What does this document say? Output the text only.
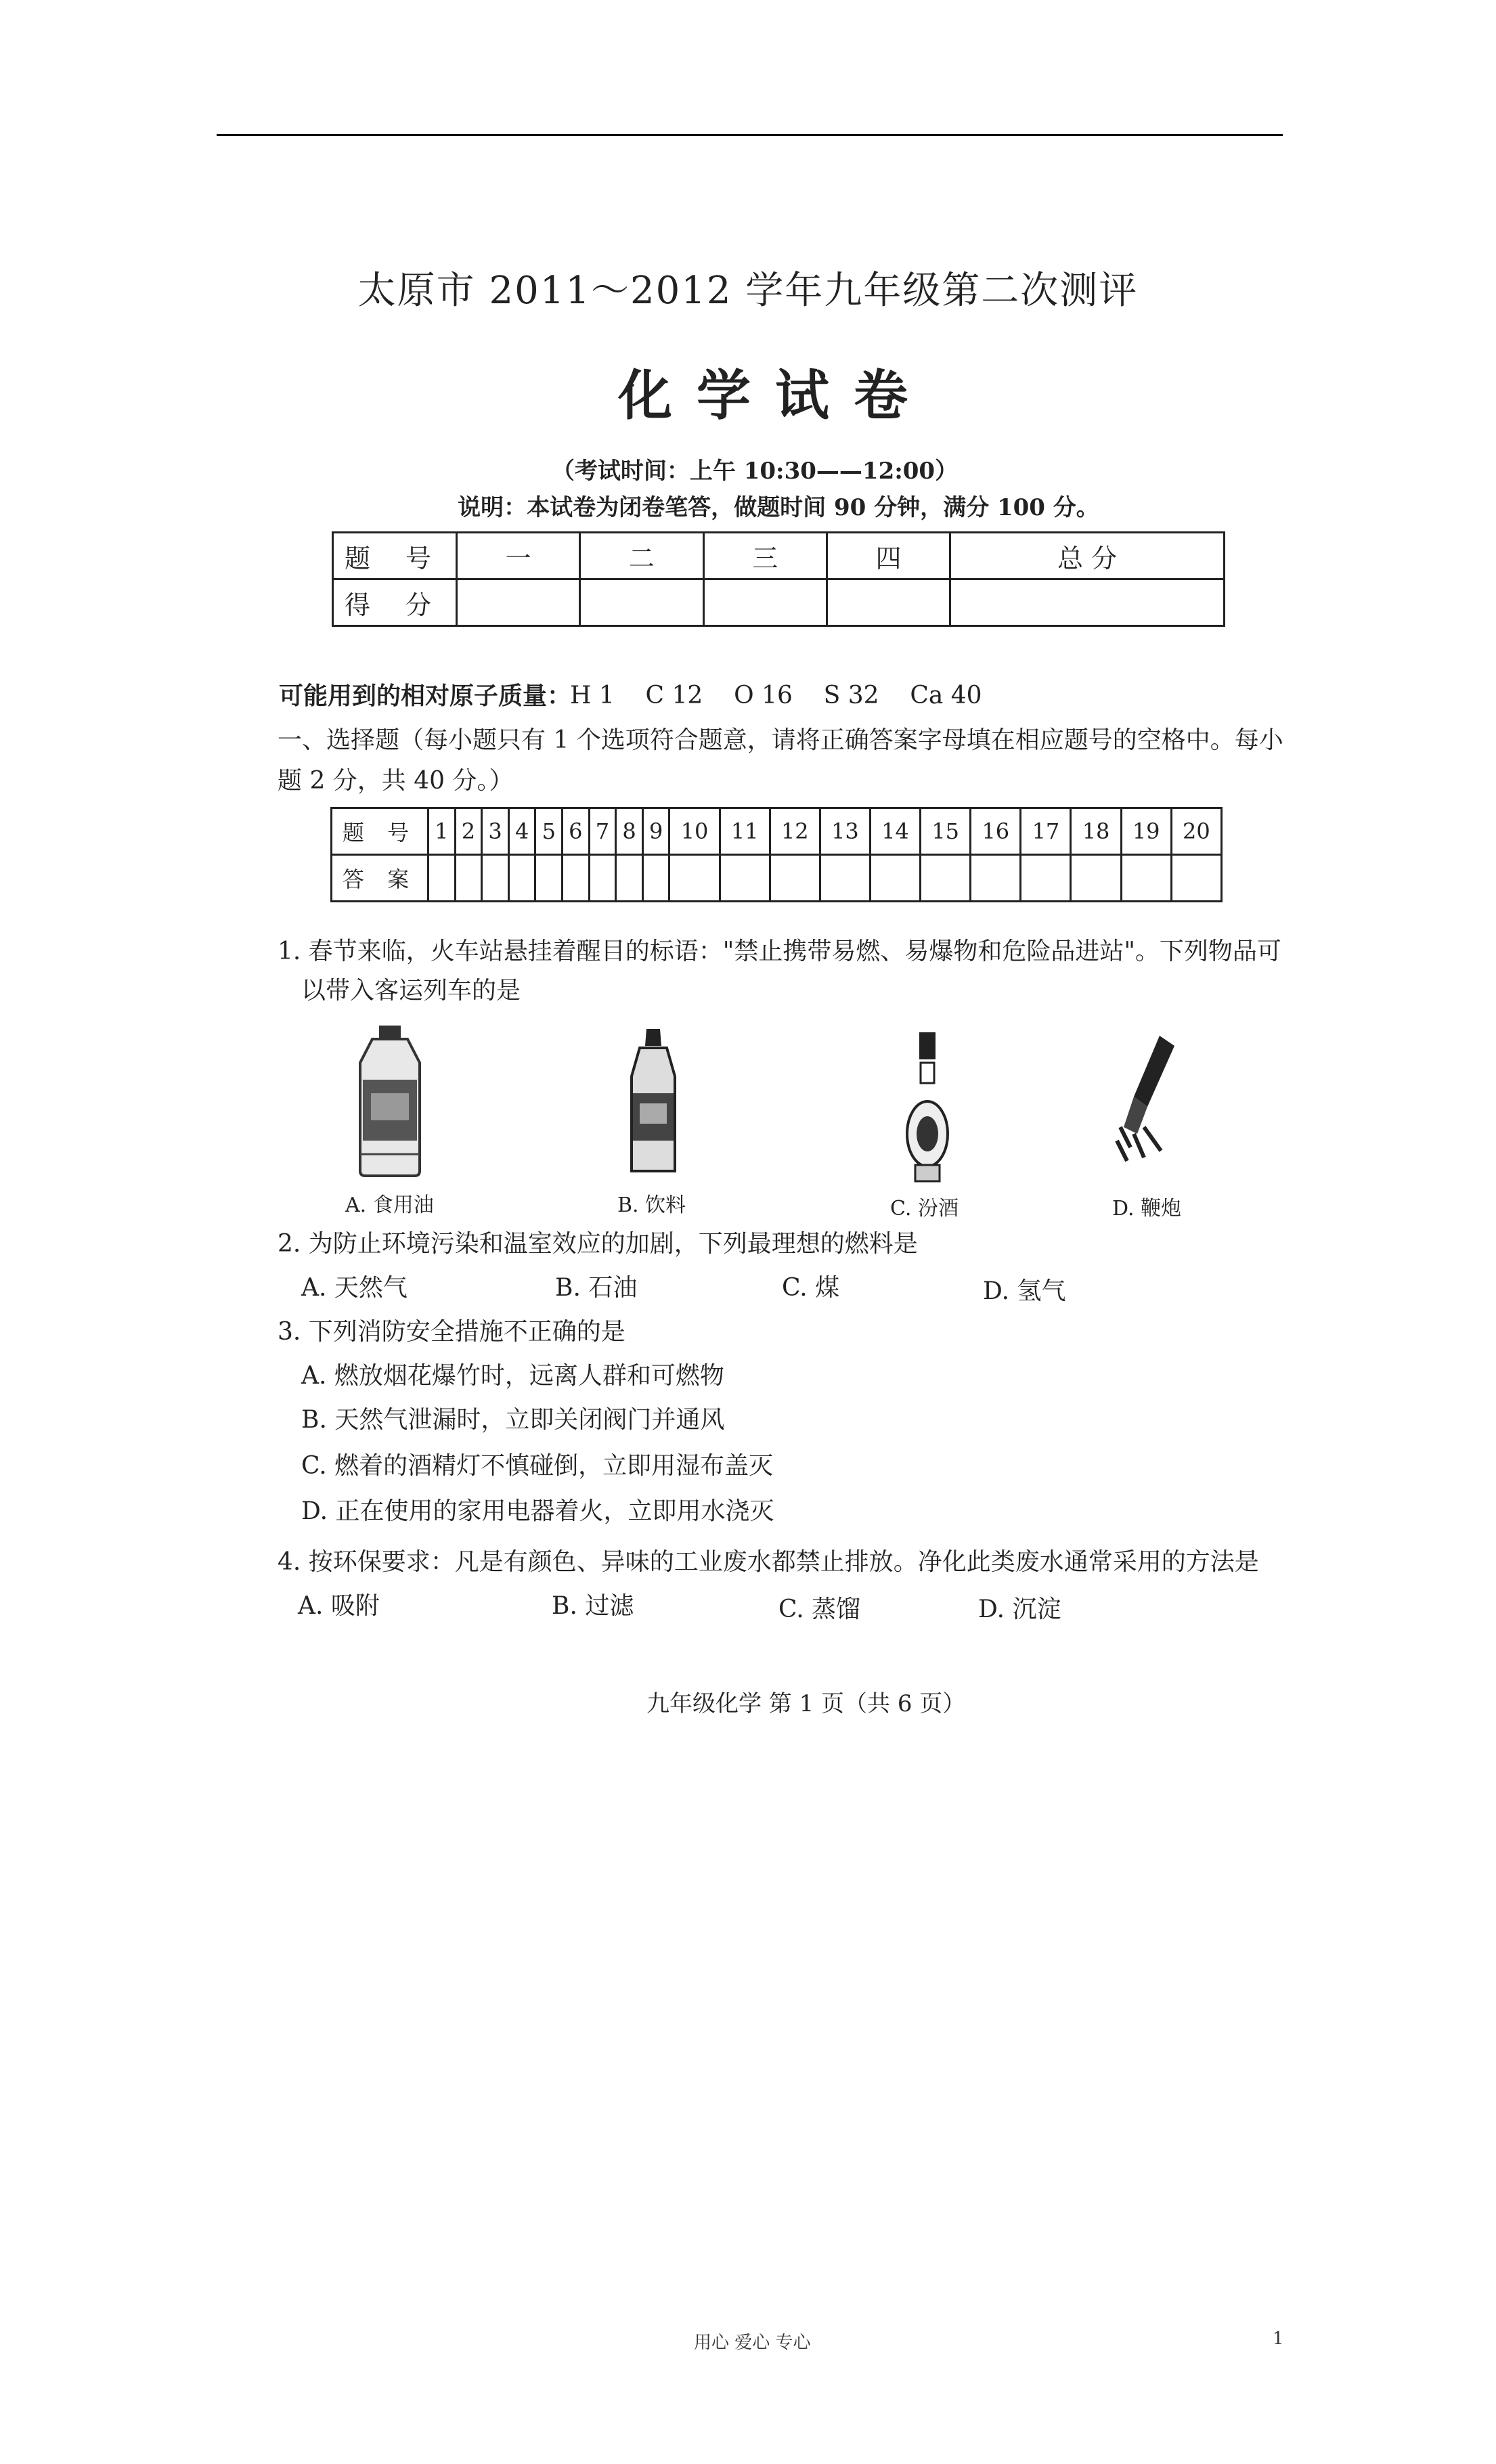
太原市 2011～2012 学年九年级第二次测评
化学试卷
（考试时间：上午 10:30——12:00）
说明：本试卷为闭卷笔答，做题时间 90 分钟，满分 100 分。
题 号	一	二	三	四	总 分
得 分					
可能用到的相对原子质量：
H 1    C 12    O 16    S 32    Ca 40
一、选择题（每小题只有 1 个选项符合题意，请将正确答案字母填在相应题号的空格中。每小
题 2 分，共 40 分。）
题 号	1	2	3	4	5	6	7	8	9	10	11	12	13	14	15	16	17	18	19	20
答 案																				
1. 春节来临，火车站悬挂着醒目的标语："禁止携带易燃、易爆物和危险品进站"。下列物品可
以带入客运列车的是
A. 食用油	B. 饮料	C. 汾酒	D. 鞭炮
2. 为防止环境污染和温室效应的加剧，下列最理想的燃料是
A. 天然气	B. 石油	C. 煤	D. 氢气
3. 下列消防安全措施不正确的是
A. 燃放烟花爆竹时，远离人群和可燃物
B. 天然气泄漏时，立即关闭阀门并通风
C. 燃着的酒精灯不慎碰倒，立即用湿布盖灭
D. 正在使用的家用电器着火，立即用水浇灭
4. 按环保要求：凡是有颜色、异味的工业废水都禁止排放。净化此类废水通常采用的方法是
A. 吸附	B. 过滤	C. 蒸馏	D. 沉淀
九年级化学 第 1 页（共 6 页）
用心 爱心 专心	1
